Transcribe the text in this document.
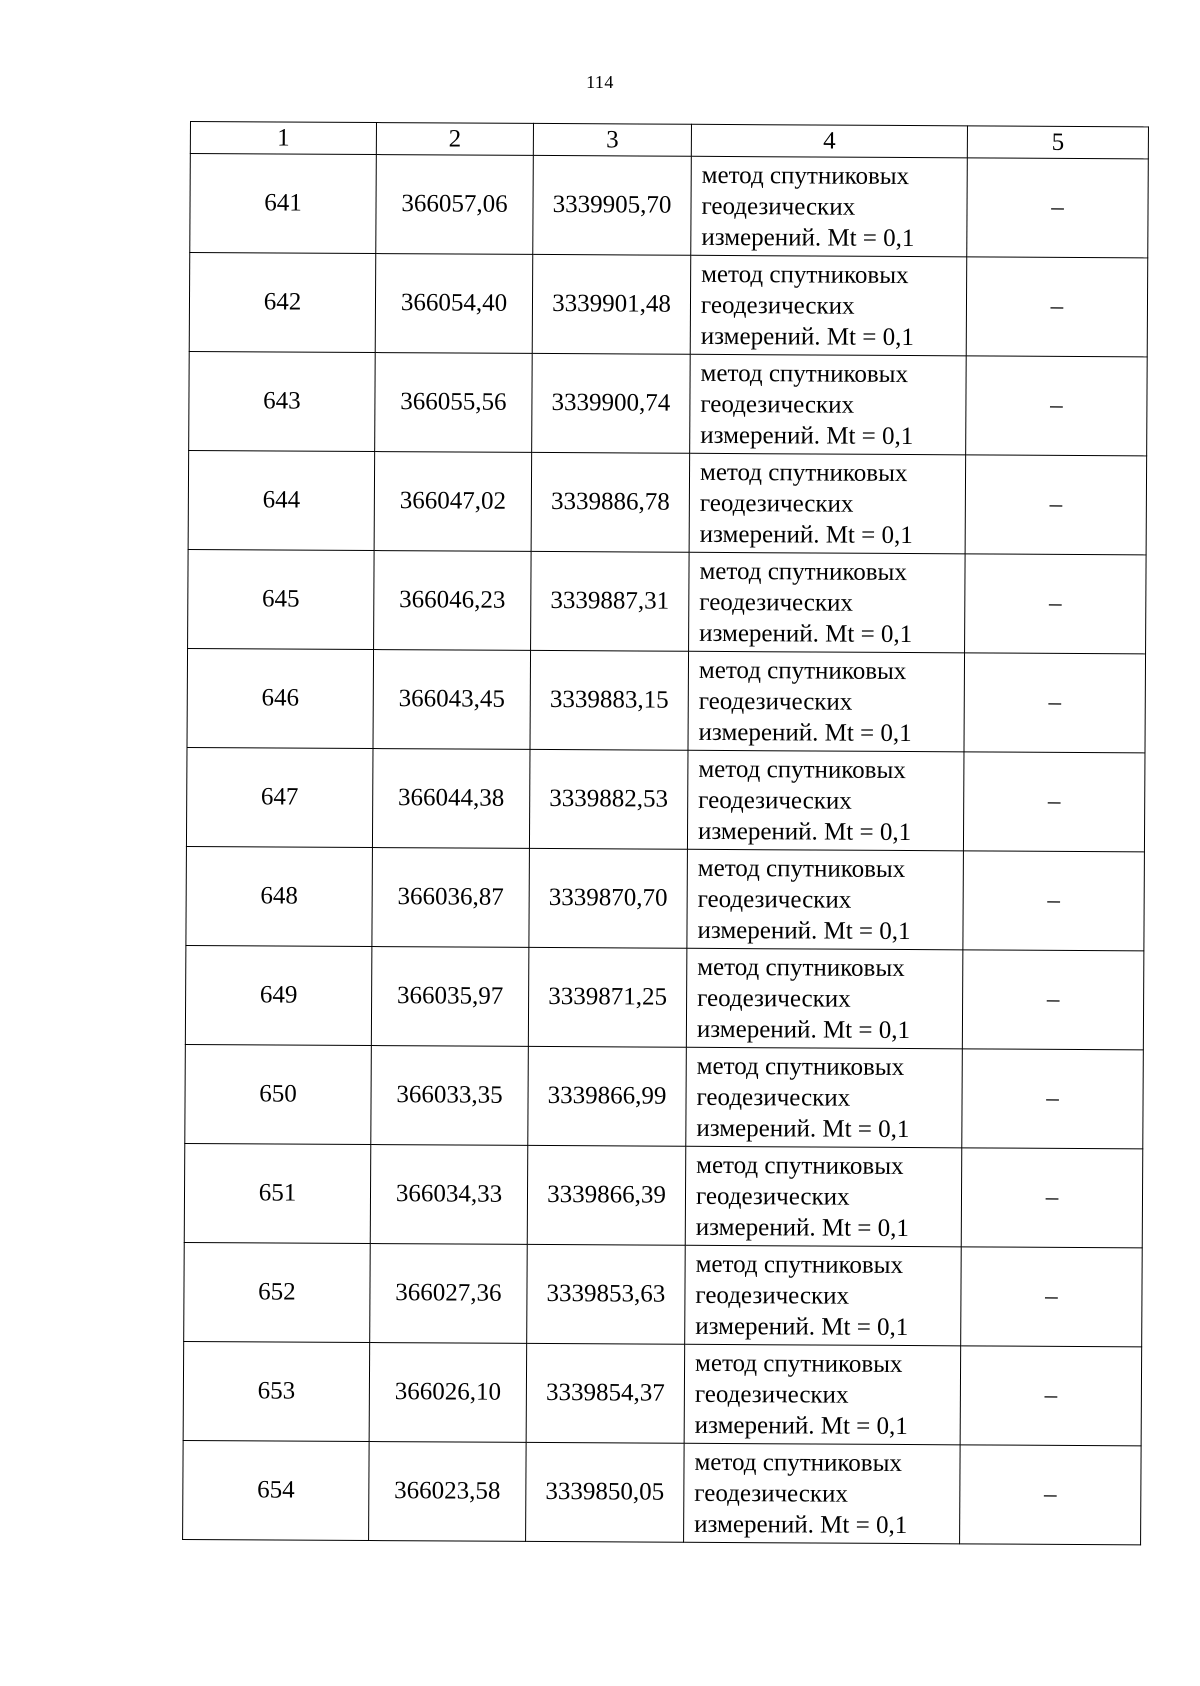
114
1	2	3	4	5
641	366057,06	3339905,70	метод спутниковых
геодезических
измерений. Mt = 0,1	–
642	366054,40	3339901,48	метод спутниковых
геодезических
измерений. Mt = 0,1	–
643	366055,56	3339900,74	метод спутниковых
геодезических
измерений. Mt = 0,1	–
644	366047,02	3339886,78	метод спутниковых
геодезических
измерений. Mt = 0,1	–
645	366046,23	3339887,31	метод спутниковых
геодезических
измерений. Mt = 0,1	–
646	366043,45	3339883,15	метод спутниковых
геодезических
измерений. Mt = 0,1	–
647	366044,38	3339882,53	метод спутниковых
геодезических
измерений. Mt = 0,1	–
648	366036,87	3339870,70	метод спутниковых
геодезических
измерений. Mt = 0,1	–
649	366035,97	3339871,25	метод спутниковых
геодезических
измерений. Mt = 0,1	–
650	366033,35	3339866,99	метод спутниковых
геодезических
измерений. Mt = 0,1	–
651	366034,33	3339866,39	метод спутниковых
геодезических
измерений. Mt = 0,1	–
652	366027,36	3339853,63	метод спутниковых
геодезических
измерений. Mt = 0,1	–
653	366026,10	3339854,37	метод спутниковых
геодезических
измерений. Mt = 0,1	–
654	366023,58	3339850,05	метод спутниковых
геодезических
измерений. Mt = 0,1	–
